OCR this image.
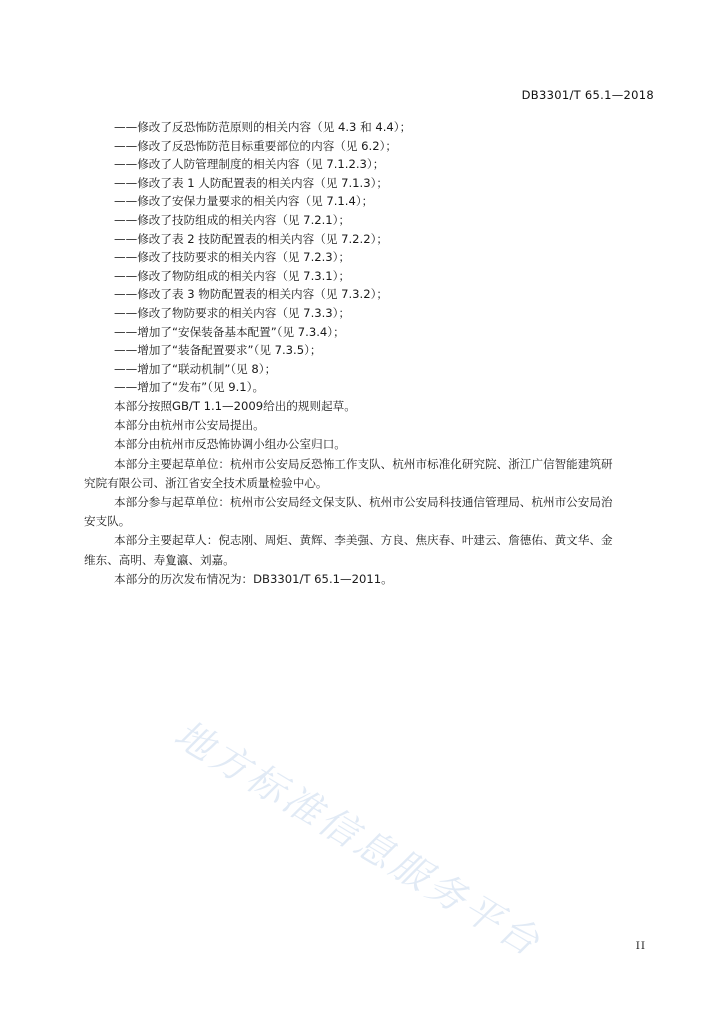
DB3301/T 65.1—2018
——修改了反恐怖防范原则的相关内容（见 4.3 和 4.4）；
——修改了反恐怖防范目标重要部位的内容（见 6.2）；
——修改了人防管理制度的相关内容（见 7.1.2.3）；
——修改了表 1 人防配置表的相关内容（见 7.1.3）；
——修改了安保力量要求的相关内容（见 7.1.4）；
——修改了技防组成的相关内容（见 7.2.1）；
——修改了表 2 技防配置表的相关内容（见 7.2.2）；
——修改了技防要求的相关内容（见 7.2.3）；
——修改了物防组成的相关内容（见 7.3.1）；
——修改了表 3 物防配置表的相关内容（见 7.3.2）；
——修改了物防要求的相关内容（见 7.3.3）；
——增加了“安保装备基本配置”（见 7.3.4）；
——增加了“装备配置要求”（见 7.3.5）；
——增加了“联动机制”（见 8）；
——增加了“发布”（见 9.1）。

本部分按照GB/T 1.1—2009给出的规则起草。

本部分由杭州市公安局提出。

本部分由杭州市反恐怖协调小组办公室归口。

本部分主要起草单位：杭州市公安局反恐怖工作支队、杭州市标准化研究院、浙江广信智能建筑研
究院有限公司、浙江省安全技术质量检验中心。
本部分参与起草单位：杭州市公安局经文保支队、杭州市公安局科技通信管理局、杭州市公安局治
安支队。
本部分主要起草人：倪志刚、周炬、黄辉、李美强、方良、焦庆春、叶建云、詹德佑、黄文华、金
维东、高明、寿夐瀛、刘嘉。

本部分的历次发布情况为：DB3301/T 65.1—2011。

地方标准信息服务平台	II
